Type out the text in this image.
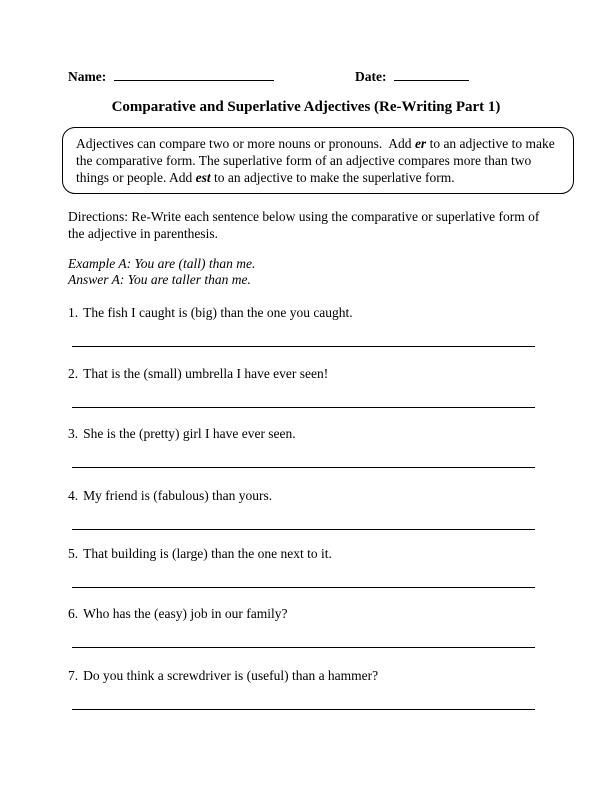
Name:	Date:
Comparative and Superlative Adjectives (Re-Writing Part 1)

Adjectives can compare two or more nouns or pronouns.  Add er to an adjective to make the comparative form. The superlative form of an adjective compares more than two things or people. Add est to an adjective to make the superlative form.

Directions: Re-Write each sentence below using the comparative or superlative form of the adjective in parenthesis.

Example A: You are (tall) than me.
Answer A: You are taller than me.

1. The fish I caught is (big) than the one you caught.

2. That is the (small) umbrella I have ever seen!

3. She is the (pretty) girl I have ever seen.

4. My friend is (fabulous) than yours.

5. That building is (large) than the one next to it.

6. Who has the (easy) job in our family?

7. Do you think a screwdriver is (useful) than a hammer?
